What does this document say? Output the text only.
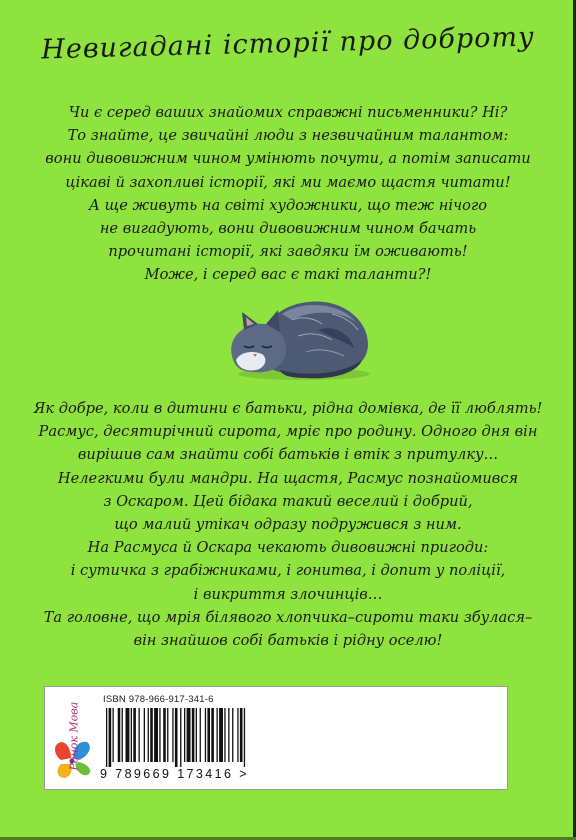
Невигадані історії про доброту
Чи є серед ваших знайомих справжні письменники? Ні?
То знайте, це звичайні люди з незвичайним талантом:
вони дивовижним чином умінють почути, а потім записати
цікаві й захопливі історії, які ми маємо щастя читати!
А ще живуть на світі художники, що теж нічого
не вигадують, вони дивовижним чином бачать
прочитані історії, які завдяки їм оживають!
Може, і серед вас є такі таланти?!
Як добре, коли в дитини є батьки, рідна домівка, де її люблять!
Расмус, десятирічний сирота, мріє про родину. Одного дня він
вирішив сам знайти собі батьків і втік з притулку…
Нелегкими були мандри. На щастя, Расмус познайомився
з Оскаром. Цей бідака такий веселий і добрий,
що малий утікач одразу подружився з ним.
На Расмуса й Оскара чекають дивовижні пригоди:
і сутичка з грабіжниками, і гонитва, і допит у поліції,
і викриття злочинців…
Та головне, що мрія білявого хлопчика–сироти таки збулася–
він знайшов собі батьків і рідну оселю!
Ранок Мова
ISBN 978-966-917-341-6
9 789669 173416 >
